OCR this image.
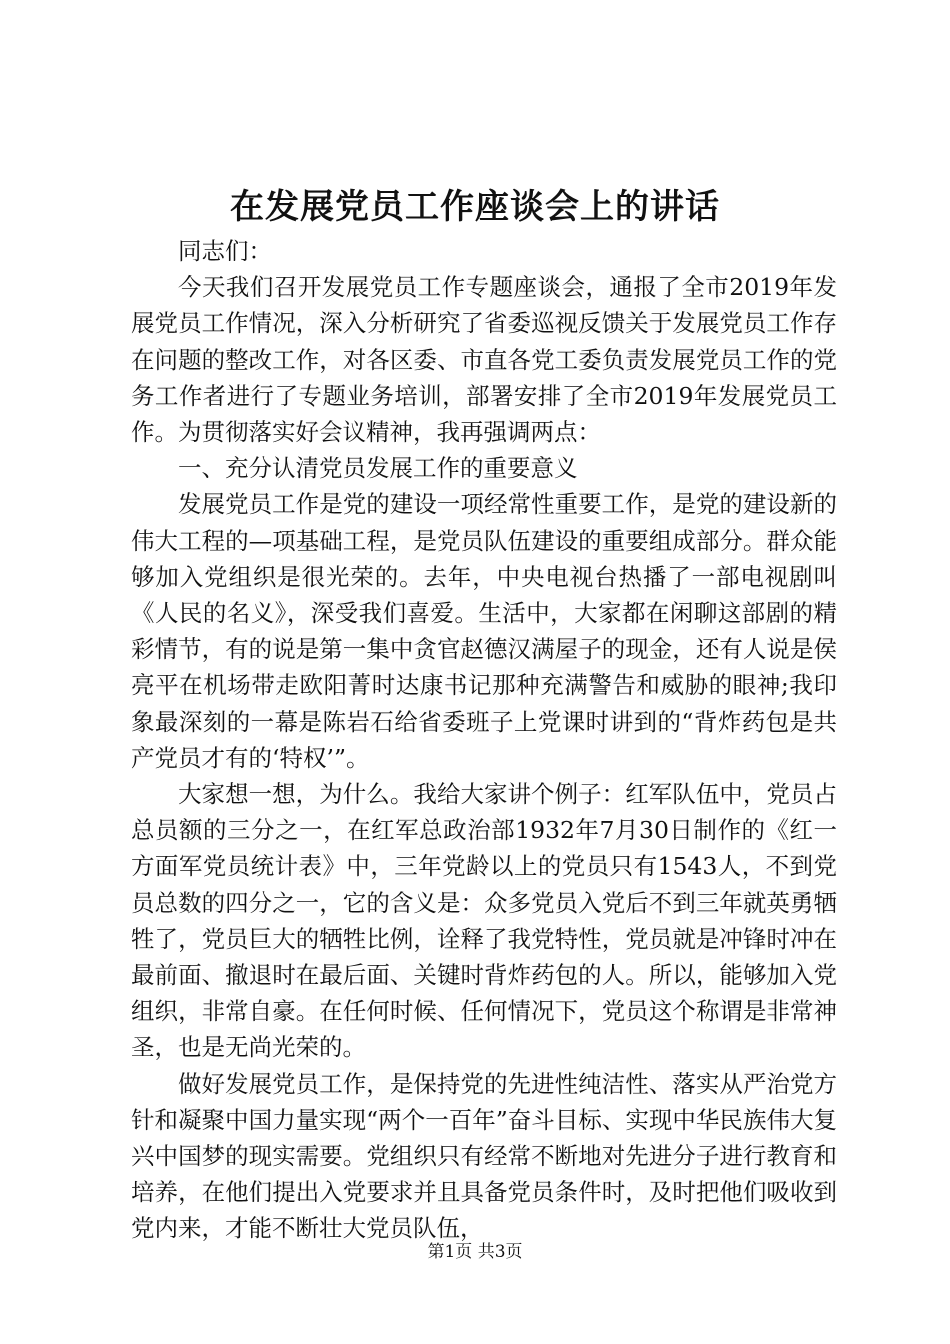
在发展党员工作座谈会上的讲话

同志们：

今天我们召开发展党员工作专题座谈会，通报了全市2019年发展党员工作情况，深入分析研究了省委巡视反馈关于发展党员工作存在问题的整改工作，对各区委、市直各党工委负责发展党员工作的党务工作者进行了专题业务培训，部署安排了全市2019年发展党员工作。为贯彻落实好会议精神，我再强调两点：

一、充分认清党员发展工作的重要意义

发展党员工作是党的建设一项经常性重要工作，是党的建设新的伟大工程的—项基础工程，是党员队伍建设的重要组成部分。群众能够加入党组织是很光荣的。去年，中央电视台热播了一部电视剧叫《人民的名义》，深受我们喜爱。生活中，大家都在闲聊这部剧的精彩情节，有的说是第一集中贪官赵德汉满屋子的现金，还有人说是侯亮平在机场带走欧阳菁时达康书记那种充满警告和威胁的眼神;我印象最深刻的一幕是陈岩石给省委班子上党课时讲到的“背炸药包是共产党员才有的‘特权’”。

大家想一想，为什么。我给大家讲个例子：红军队伍中，党员占总员额的三分之一，在红军总政治部1932年7月30日制作的《红一方面军党员统计表》中，三年党龄以上的党员只有1543人，不到党员总数的四分之一，它的含义是：众多党员入党后不到三年就英勇牺牲了，党员巨大的牺牲比例，诠释了我党特性，党员就是冲锋时冲在最前面、撤退时在最后面、关键时背炸药包的人。所以，能够加入党组织，非常自豪。在任何时候、任何情况下，党员这个称谓是非常神圣，也是无尚光荣的。

做好发展党员工作，是保持党的先进性纯洁性、落实从严治党方针和凝聚中国力量实现“两个一百年”奋斗目标、实现中华民族伟大复兴中国梦的现实需要。党组织只有经常不断地对先进分子进行教育和培养，在他们提出入党要求并且具备党员条件时，及时把他们吸收到党内来，才能不断壮大党员队伍，

第1页 共3页
